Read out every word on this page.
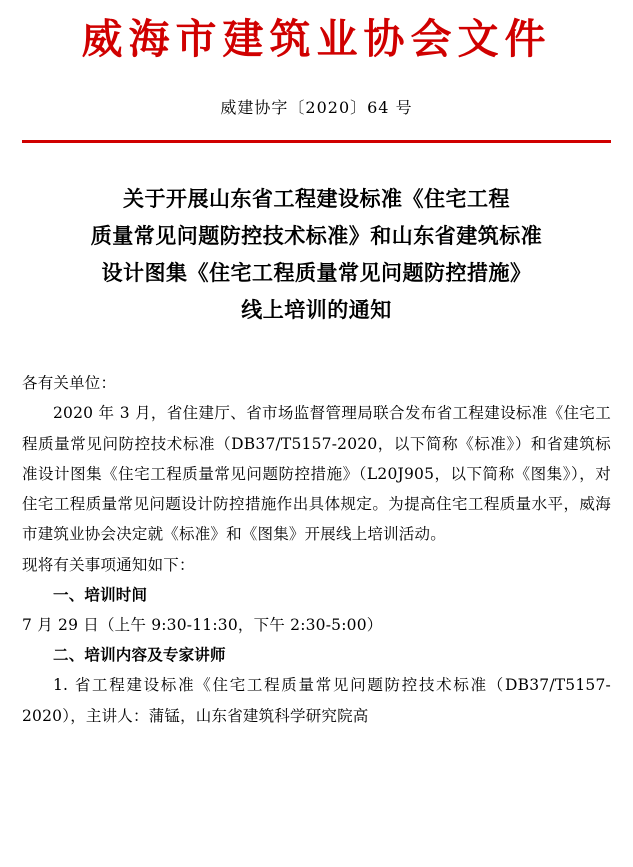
威海市建筑业协会文件
威建协字〔2020〕64 号
关于开展山东省工程建设标准《住宅工程
质量常见问题防控技术标准》和山东省建筑标准
设计图集《住宅工程质量常见问题防控措施》
线上培训的通知

各有关单位：

2020 年 3 月，省住建厅、省市场监督管理局联合发布省工程建设标准《住宅工程质量常见问防控技术标准（DB37/T5157-2020，以下简称《标准》）和省建筑标准设计图集《住宅工程质量常见问题防控措施》（L20J905，以下简称《图集》），对住宅工程质量常见问题设计防控措施作出具体规定。为提高住宅工程质量水平，威海市建筑业协会决定就《标准》和《图集》开展线上培训活动。

现将有关事项通知如下：

一、培训时间

7 月 29 日（上午 9:30-11:30，下午 2:30-5:00）

二、培训内容及专家讲师

1. 省工程建设标准《住宅工程质量常见问题防控技术标准（DB37/T5157-2020），主讲人：蒲锰，山东省建筑科学研究院高
